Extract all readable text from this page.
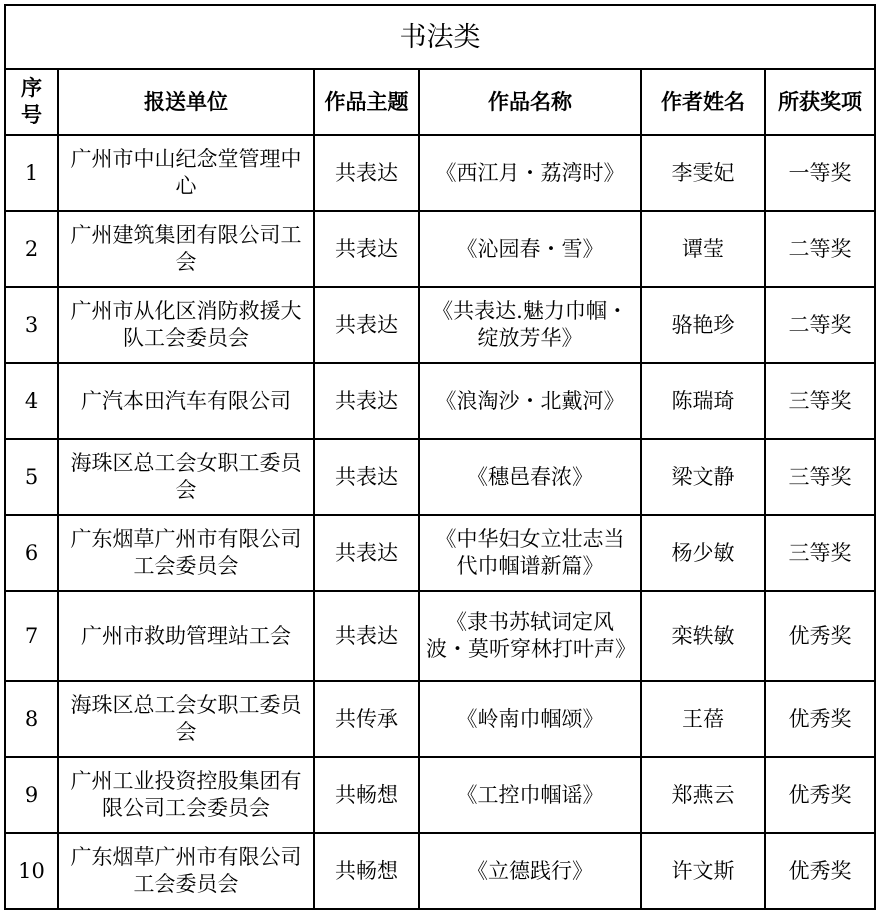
书法类					
序号	报送单位	作品主题	作品名称	作者姓名	所获奖项
1	广州市中山纪念堂管理中心	共表达	《西江月・荔湾时》	李雯妃	一等奖
2	广州建筑集团有限公司工会	共表达	《沁园春・雪》	谭莹	二等奖
3	广州市从化区消防救援大队工会委员会	共表达	《共表达.魅力巾帼・绽放芳华》	骆艳珍	二等奖
4	广汽本田汽车有限公司	共表达	《浪淘沙・北戴河》	陈瑞琦	三等奖
5	海珠区总工会女职工委员会	共表达	《穗邑春浓》	梁文静	三等奖
6	广东烟草广州市有限公司工会委员会	共表达	《中华妇女立壮志当代巾帼谱新篇》	杨少敏	三等奖
7	广州市救助管理站工会	共表达	《隶书苏轼词定风波・莫听穿林打叶声》	栾轶敏	优秀奖
8	海珠区总工会女职工委员会	共传承	《岭南巾帼颂》	王蓓	优秀奖
9	广州工业投资控股集团有限公司工会委员会	共畅想	《工控巾帼谣》	郑燕云	优秀奖
10	广东烟草广州市有限公司工会委员会	共畅想	《立德践行》	许文斯	优秀奖
